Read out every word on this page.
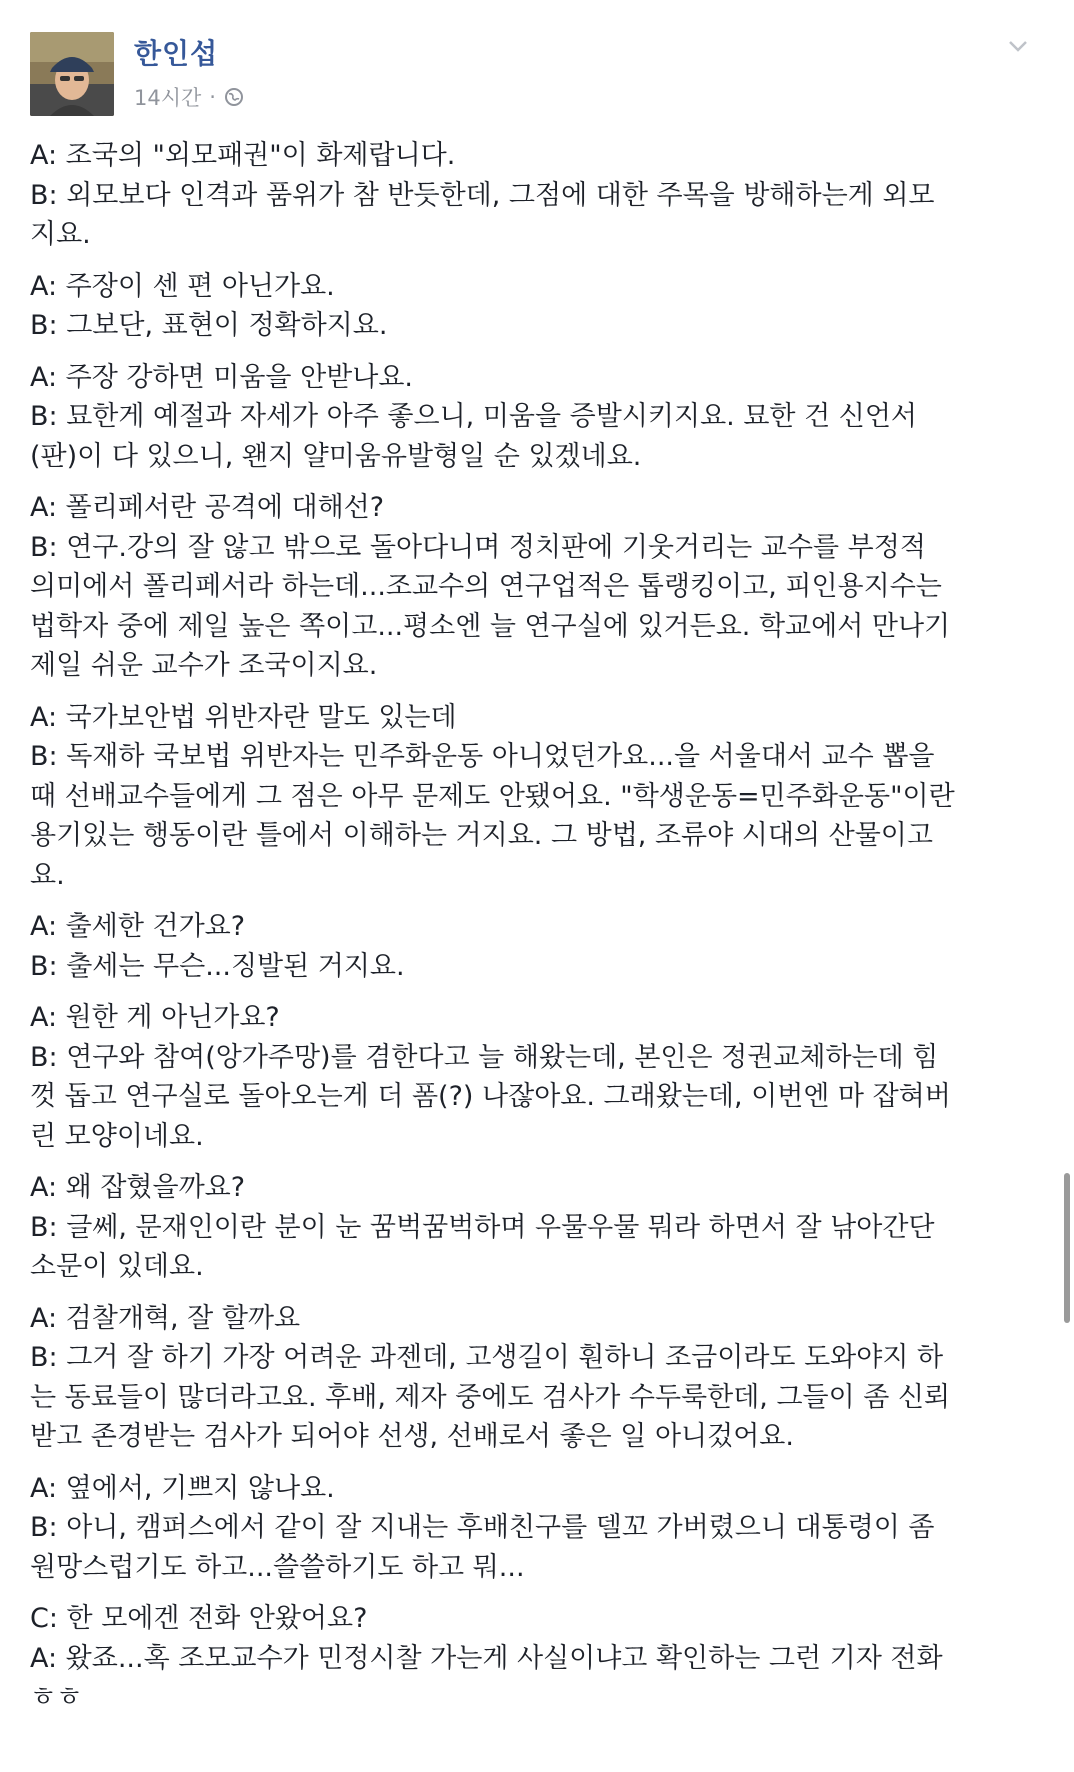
한인섭
14시간 ·
A: 조국의 "외모패권"이 화제랍니다.
B: 외모보다 인격과 품위가 참 반듯한데, 그점에 대한 주목을 방해하는게 외모
지요.
A: 주장이 센 편 아닌가요.
B: 그보단, 표현이 정확하지요.
A: 주장 강하면 미움을 안받나요.
B: 묘한게 예절과 자세가 아주 좋으니, 미움을 증발시키지요. 묘한 건 신언서
(판)이 다 있으니, 왠지 얄미움유발형일 순 있겠네요.
A: 폴리페서란 공격에 대해선?
B: 연구.강의 잘 않고 밖으로 돌아다니며 정치판에 기웃거리는 교수를 부정적
의미에서 폴리페서라 하는데...조교수의 연구업적은 톱랭킹이고, 피인용지수는
법학자 중에 제일 높은 쪽이고...평소엔 늘 연구실에 있거든요. 학교에서 만나기
제일 쉬운 교수가 조국이지요.
A: 국가보안법 위반자란 말도 있는데
B: 독재하 국보법 위반자는 민주화운동 아니었던가요...을 서울대서 교수 뽑을
때 선배교수들에게 그 점은 아무 문제도 안됐어요. "학생운동=민주화운동"이란
용기있는 행동이란 틀에서 이해하는 거지요. 그 방법, 조류야 시대의 산물이고
요.
A: 출세한 건가요?
B: 출세는 무슨...징발된 거지요.
A: 원한 게 아닌가요?
B: 연구와 참여(앙가주망)를 겸한다고 늘 해왔는데, 본인은 정권교체하는데 힘
껏 돕고 연구실로 돌아오는게 더 폼(?) 나잖아요. 그래왔는데, 이번엔 마 잡혀버
린 모양이네요.
A: 왜 잡혔을까요?
B: 글쎄, 문재인이란 분이 눈 꿈벅꿈벅하며 우물우물 뭐라 하면서 잘 낚아간단
소문이 있데요.
A: 검찰개혁, 잘 할까요
B: 그거 잘 하기 가장 어려운 과젠데, 고생길이 훤하니 조금이라도 도와야지 하
는 동료들이 많더라고요. 후배, 제자 중에도 검사가 수두룩한데, 그들이 좀 신뢰
받고 존경받는 검사가 되어야 선생, 선배로서 좋은 일 아니겄어요.
A: 옆에서, 기쁘지 않나요.
B: 아니, 캠퍼스에서 같이 잘 지내는 후배친구를 델꼬 가버렸으니 대통령이 좀
원망스럽기도 하고...쓸쓸하기도 하고 뭐...
C: 한 모에겐 전화 안왔어요?
A: 왔죠...혹 조모교수가 민정시찰 가는게 사실이냐고 확인하는 그런 기자 전화
ㅎㅎ
